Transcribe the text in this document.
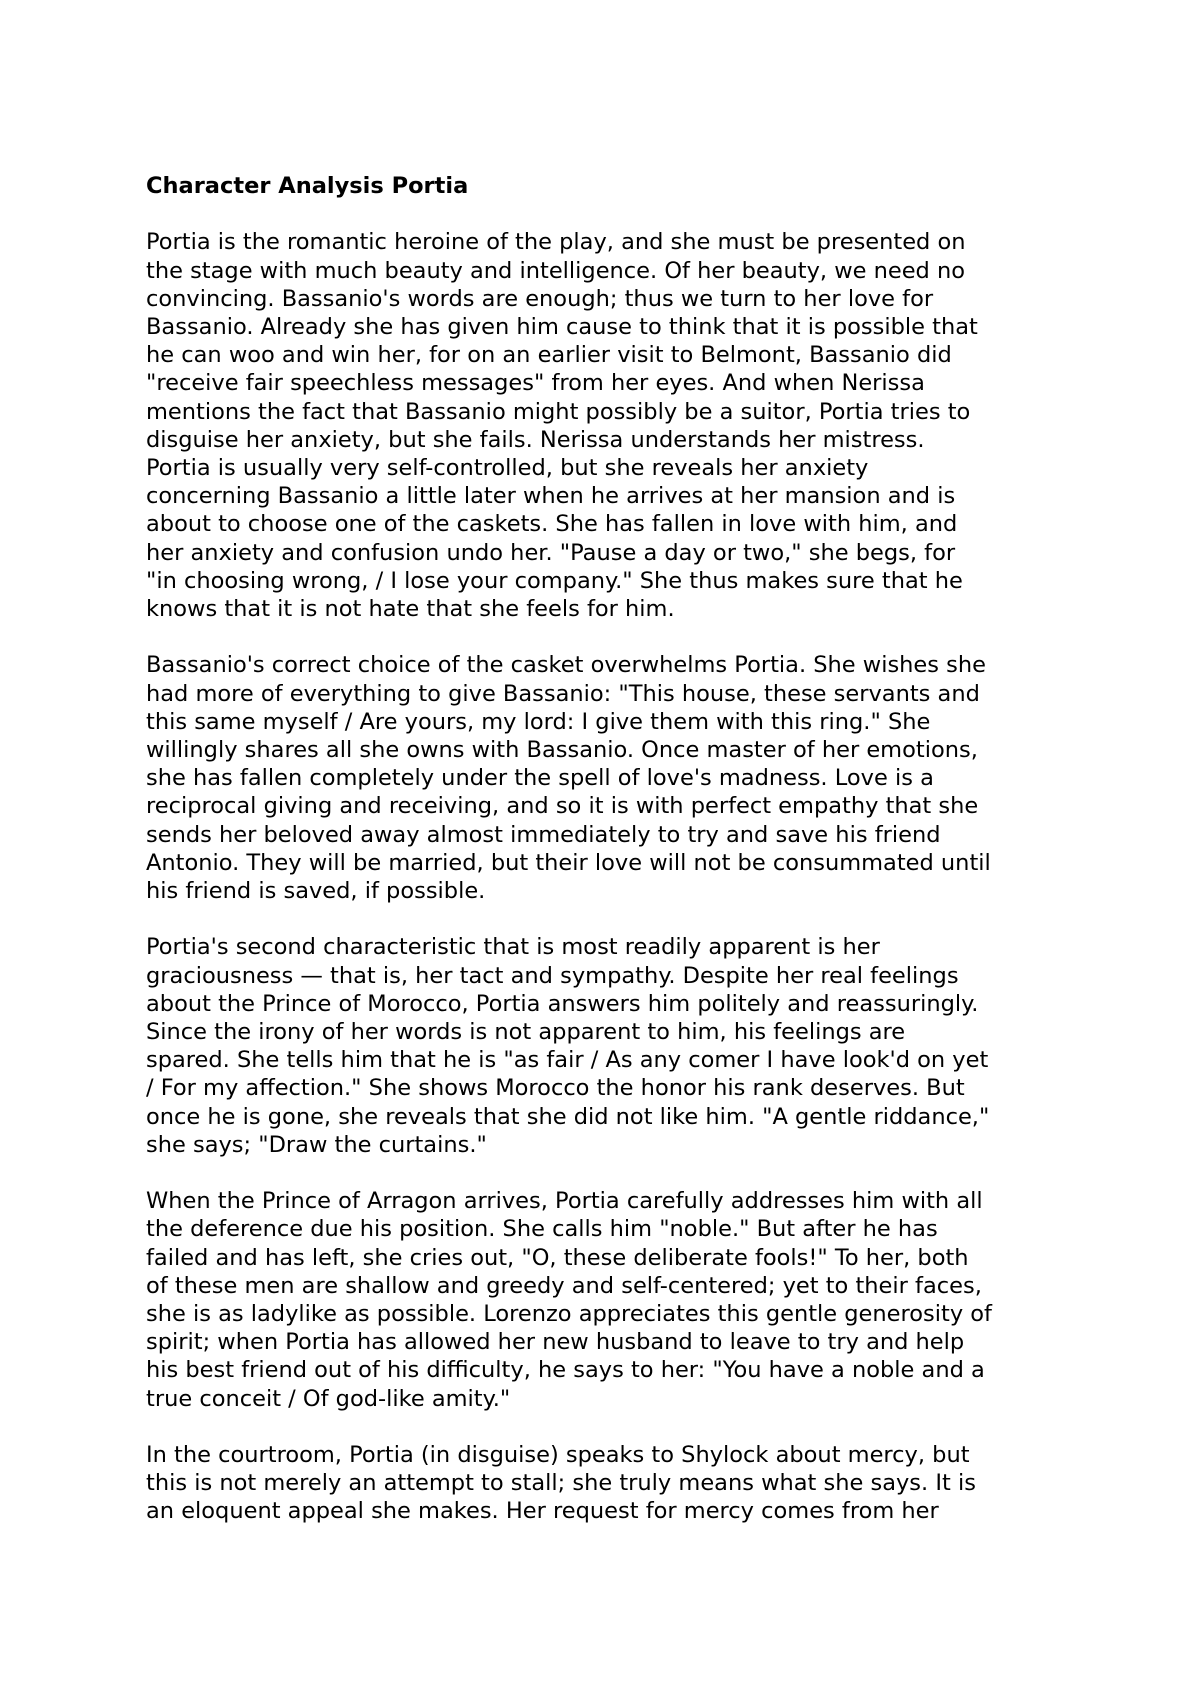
Character Analysis Portia

Portia is the romantic heroine of the play, and she must be presented on
the stage with much beauty and intelligence. Of her beauty, we need no
convincing. Bassanio's words are enough; thus we turn to her love for
Bassanio. Already she has given him cause to think that it is possible that
he can woo and win her, for on an earlier visit to Belmont, Bassanio did
"receive fair speechless messages" from her eyes. And when Nerissa
mentions the fact that Bassanio might possibly be a suitor, Portia tries to
disguise her anxiety, but she fails. Nerissa understands her mistress.
Portia is usually very self-controlled, but she reveals her anxiety
concerning Bassanio a little later when he arrives at her mansion and is
about to choose one of the caskets. She has fallen in love with him, and
her anxiety and confusion undo her. "Pause a day or two," she begs, for
"in choosing wrong, / I lose your company." She thus makes sure that he
knows that it is not hate that she feels for him.

Bassanio's correct choice of the casket overwhelms Portia. She wishes she
had more of everything to give Bassanio: "This house, these servants and
this same myself / Are yours, my lord: I give them with this ring." She
willingly shares all she owns with Bassanio. Once master of her emotions,
she has fallen completely under the spell of love's madness. Love is a
reciprocal giving and receiving, and so it is with perfect empathy that she
sends her beloved away almost immediately to try and save his friend
Antonio. They will be married, but their love will not be consummated until
his friend is saved, if possible.

Portia's second characteristic that is most readily apparent is her
graciousness — that is, her tact and sympathy. Despite her real feelings
about the Prince of Morocco, Portia answers him politely and reassuringly.
Since the irony of her words is not apparent to him, his feelings are
spared. She tells him that he is "as fair / As any comer I have look'd on yet
/ For my affection." She shows Morocco the honor his rank deserves. But
once he is gone, she reveals that she did not like him. "A gentle riddance,"
she says; "Draw the curtains."

When the Prince of Arragon arrives, Portia carefully addresses him with all
the deference due his position. She calls him "noble." But after he has
failed and has left, she cries out, "O, these deliberate fools!" To her, both
of these men are shallow and greedy and self-centered; yet to their faces,
she is as ladylike as possible. Lorenzo appreciates this gentle generosity of
spirit; when Portia has allowed her new husband to leave to try and help
his best friend out of his difficulty, he says to her: "You have a noble and a
true conceit / Of god-like amity."

In the courtroom, Portia (in disguise) speaks to Shylock about mercy, but
this is not merely an attempt to stall; she truly means what she says. It is
an eloquent appeal she makes. Her request for mercy comes from her
